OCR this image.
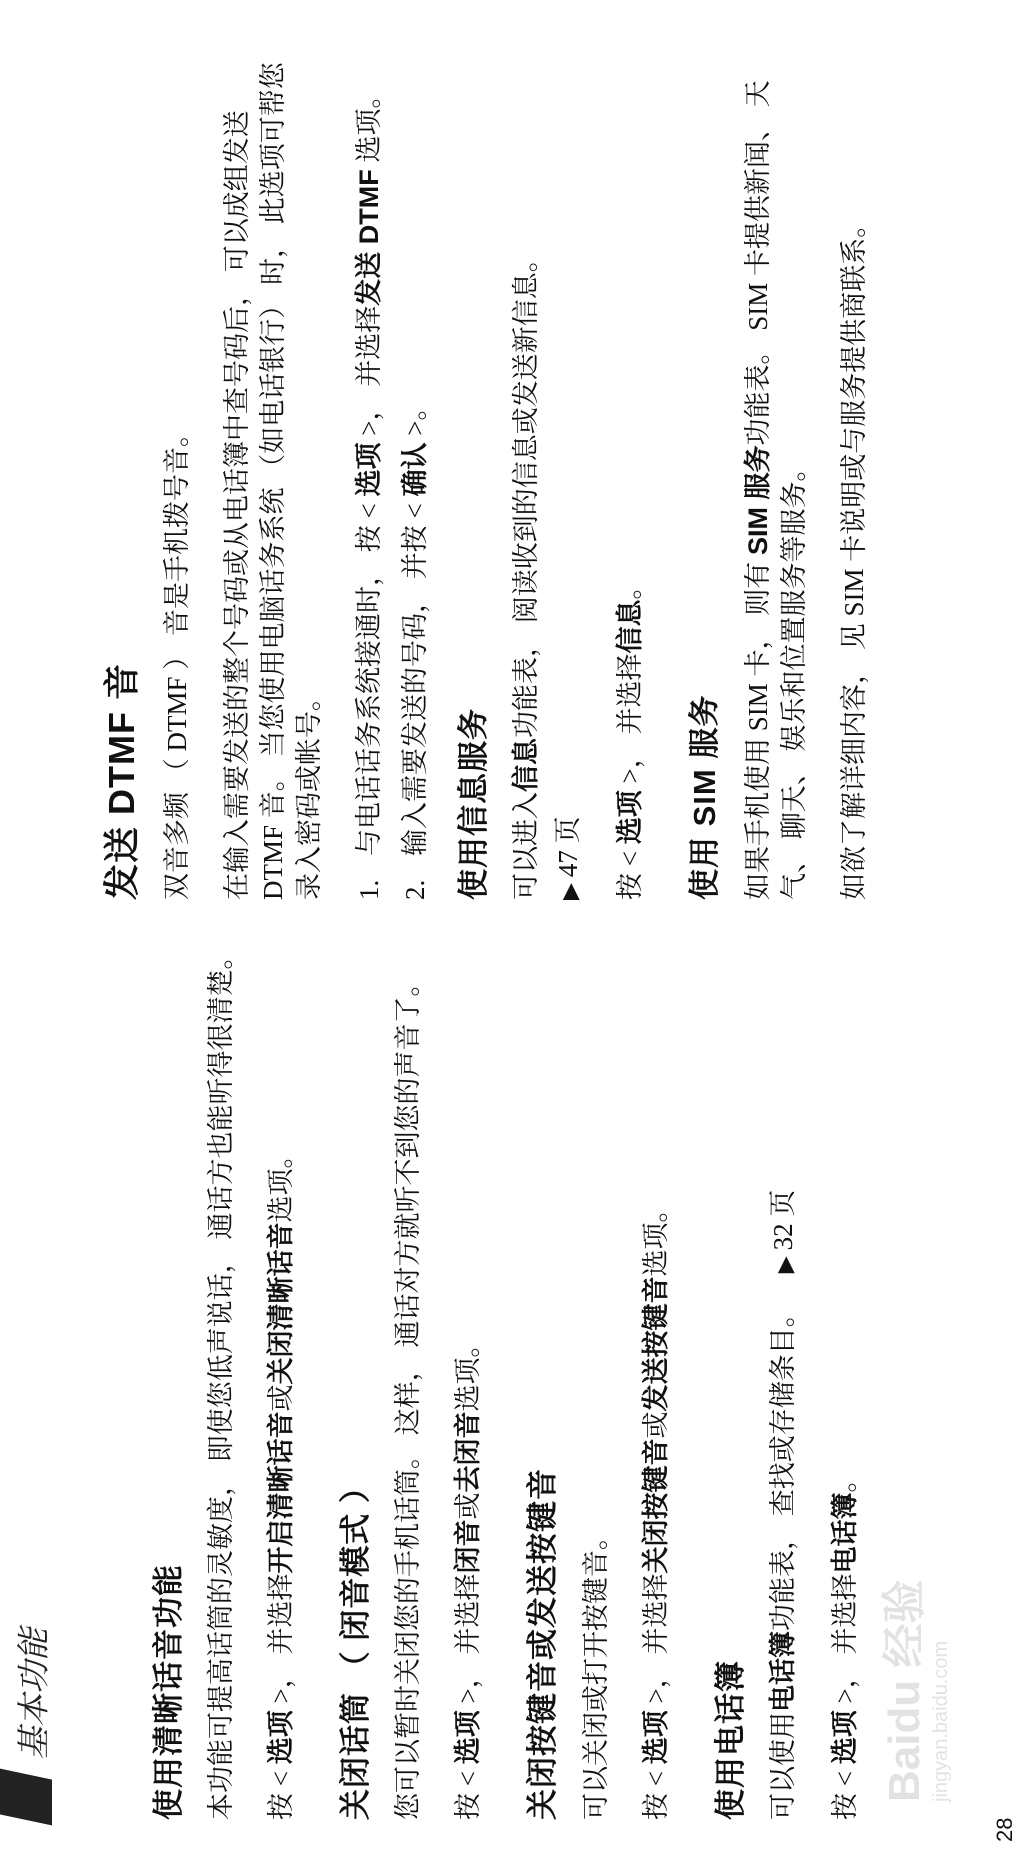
基本功能	使用清晰话音功能 本功能可提高话筒的灵敏度， 即使您低声说话， 通话方也能听得很清楚。 按 < 选项 >， 并选择开启清晰话音或关闭清晰话音选项。
关闭话筒 （ 闭音模式 ） 您可以暂时关闭您的手机话筒。 这样， 通话对方就听不到您的声音了。 按 < 选项 >， 并选择闭音或去闭音选项。
关闭按键音或发送按键音 可以关闭或打开按键音。 按 < 选项 >， 并选择关闭按键音或发送按键音选项。
使用电话簿 可以使用电话簿功能表， 查找或存储条目。    ▶32 页
按 < 选项 >， 并选择电话簿。
发送 DTMF 音 双音多频 （ DTMF ） 音是手机拨号音。 在输入需要发送的整个号码或从电话簿中查号码后， 可以成组发送 DTMF 音。 当您使用电脑话务系统 （如电话银行） 时， 此选项可帮您录入密码或帐号。 1.
与电话话务系统接通时， 按 < 选项 >， 并选择发送 DTMF 选项。
2.
输入需要发送的号码， 并按 < 确认 >。
使用信息服务 可以进入信息功能表， 阅读收到的信息或发送新信息。
▶47 页 按 < 选项 >， 并选择信息。
使用 SIM 服务 如果手机使用 SIM 卡， 则有 SIM 服务功能表。 SIM 卡提供新闻、 天气、 聊天、 娱乐和位置服务等服务。 如欲了解详细内容， 见 SIM 卡说明或与服务提供商联系。
Baidu 经验 jingyan.baidu.com
28
